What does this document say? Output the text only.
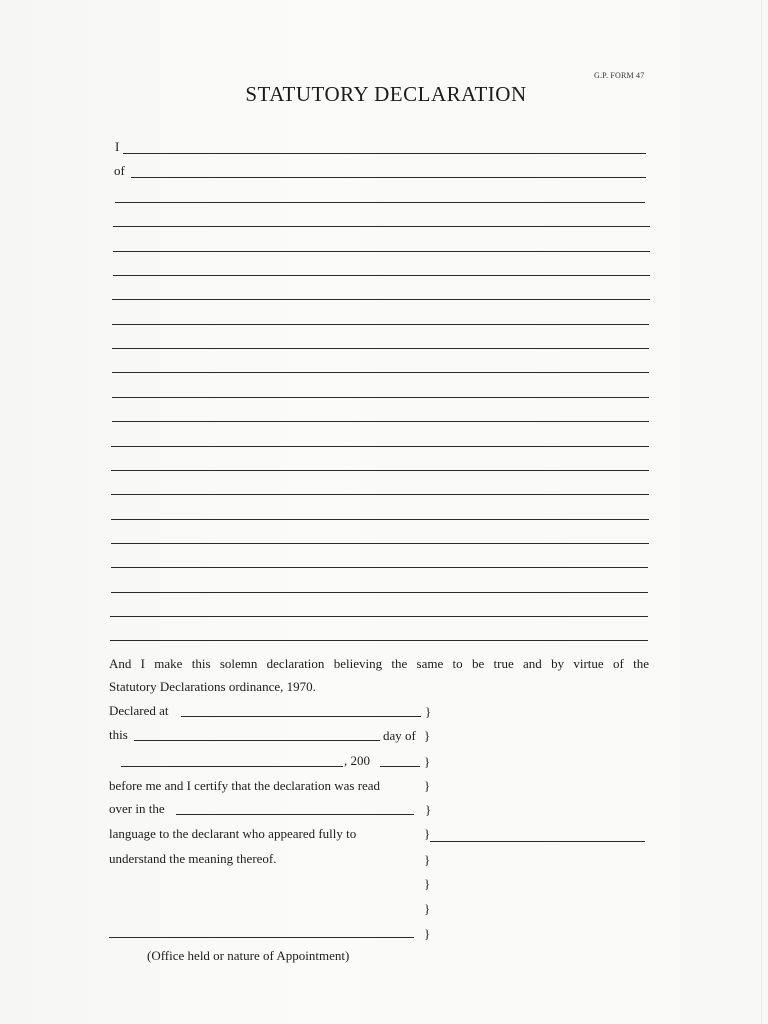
G.P. FORM 47
STATUTORY DECLARATION
I
of
And I make this solemn declaration believing the same to be true and by virtue of the
Statutory Declarations ordinance, 1970.
Declared at	}
this	day of }
, 200	}
before me and I certify that the declaration was read	}
over in the	}
language to the declarant who appeared fully to	}
understand the meaning thereof.	}
}
}
}
(Office held or nature of Appointment)
